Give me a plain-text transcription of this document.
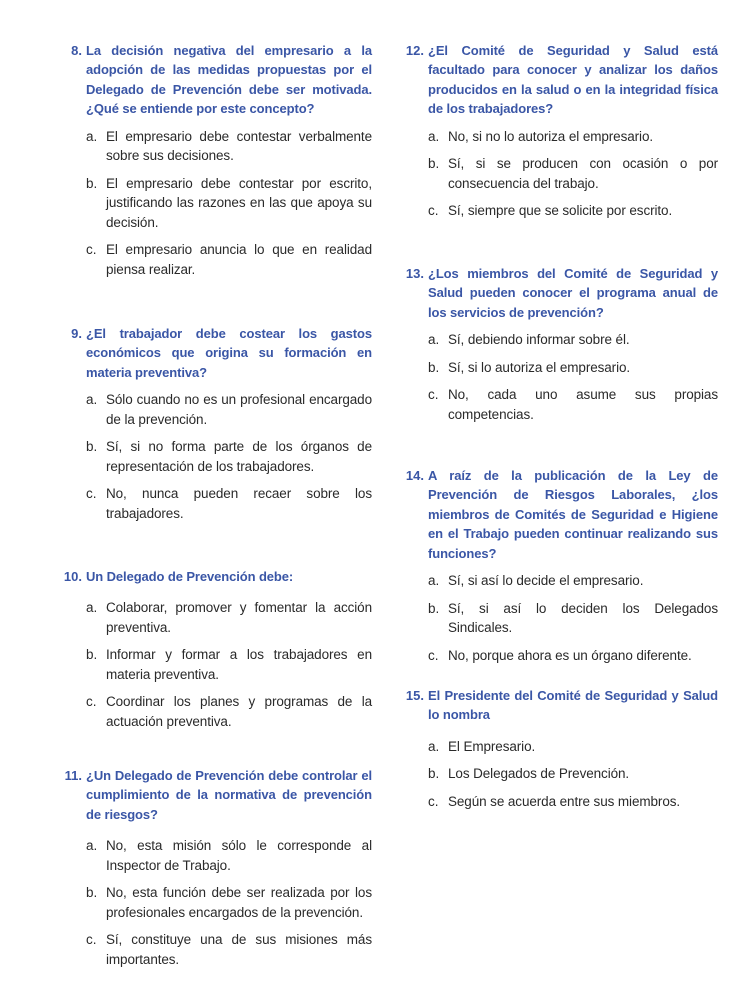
8. La decisión negativa del empresario a la adopción de las medidas propuestas por el Delegado de Prevención debe ser motivada. ¿Qué se entiende por este concepto?
a. El empresario debe contestar verbalmente sobre sus decisiones.
b. El empresario debe contestar por escrito, justificando las razones en las que apoya su decisión.
c. El empresario anuncia lo que en realidad piensa realizar.
9. ¿El trabajador debe costear los gastos económicos que origina su formación en materia preventiva?
a. Sólo cuando no es un profesional encargado de la prevención.
b. Sí, si no forma parte de los órganos de representación de los trabajadores.
c. No, nunca pueden recaer sobre los trabajadores.
10. Un Delegado de Prevención debe:
a. Colaborar, promover y fomentar la acción preventiva.
b. Informar y formar a los trabajadores en materia preventiva.
c. Coordinar los planes y programas de la actuación preventiva.
11. ¿Un Delegado de Prevención debe controlar el cumplimiento de la normativa de prevención de riesgos?
a. No, esta misión sólo le corresponde al Inspector de Trabajo.
b. No, esta función debe ser realizada por los profesionales encargados de la prevención.
c. Sí, constituye una de sus misiones más importantes.
12. ¿El Comité de Seguridad y Salud está facultado para conocer y analizar los daños producidos en la salud o en la integridad física de los trabajadores?
a. No, si no lo autoriza el empresario.
b. Sí, si se producen con ocasión o por consecuencia del trabajo.
c. Sí, siempre que se solicite por escrito.
13. ¿Los miembros del Comité de Seguridad y Salud pueden conocer el programa anual de los servicios de prevención?
a. Sí, debiendo informar sobre él.
b. Sí, si lo autoriza el empresario.
c. No, cada uno asume sus propias competencias.
14. A raíz de la publicación de la Ley de Prevención de Riesgos Laborales, ¿los miembros de Comités de Seguridad e Higiene en el Trabajo pueden continuar realizando sus funciones?
a. Sí, si así lo decide el empresario.
b. Sí, si así lo deciden los Delegados Sindicales.
c. No, porque ahora es un órgano diferente.
15. El Presidente del Comité de Seguridad y Salud lo nombra
a. El Empresario.
b. Los Delegados de Prevención.
c. Según se acuerda entre sus miembros.
